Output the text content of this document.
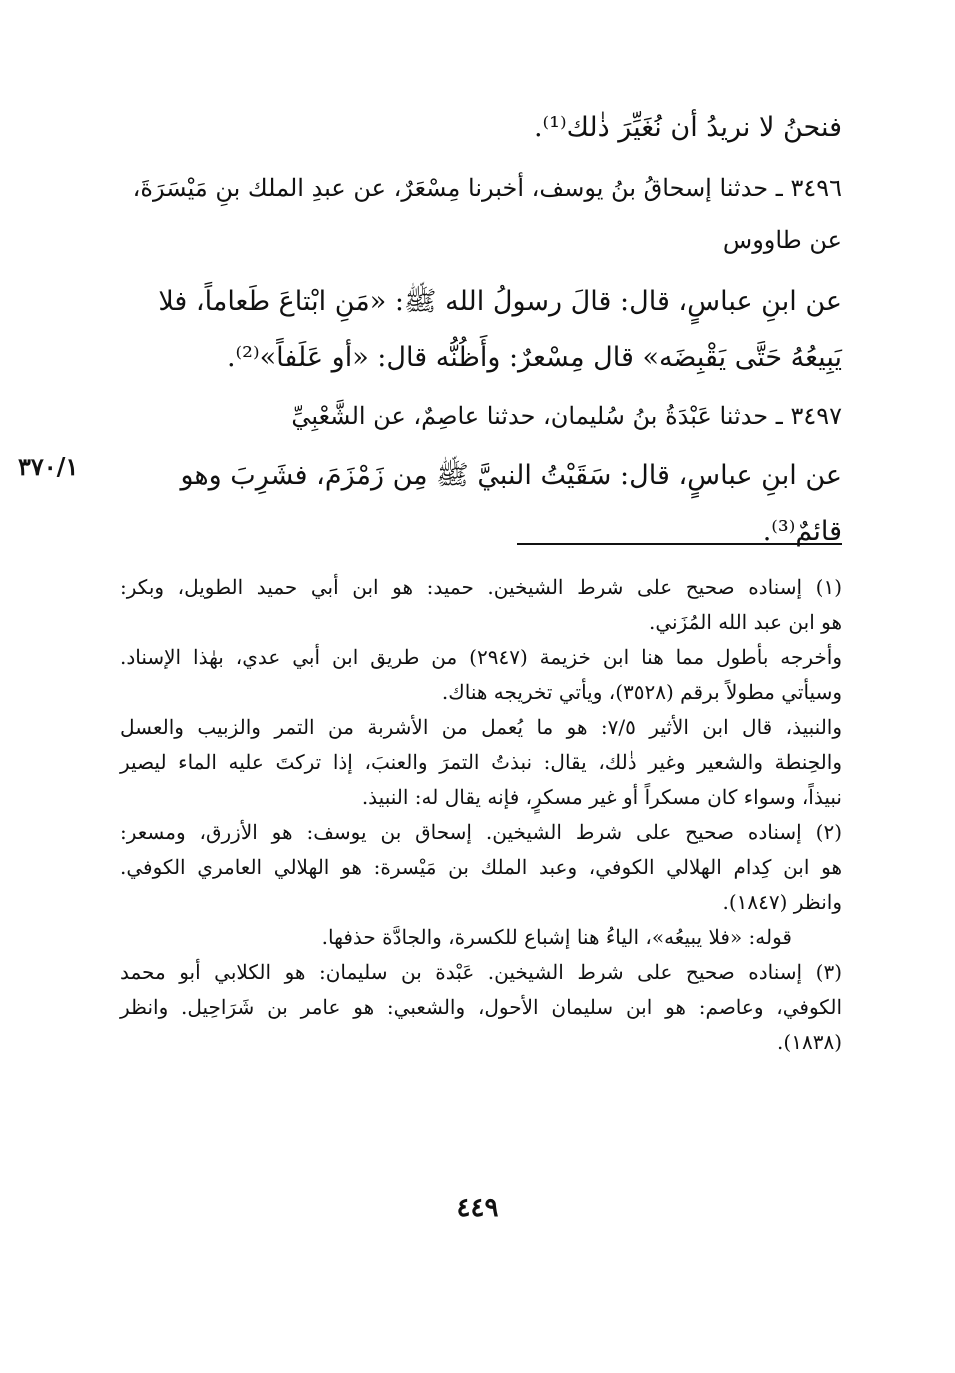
فنحنُ لا نريدُ أن نُغَيِّرَ ذٰلك⁽¹⁾.

٣٤٩٦ ـ حدثنا إسحاقُ بنُ يوسف، أخبرنا مِسْعَرٌ، عن عبدِ الملك بنِ مَيْسَرَةَ،

عن طاووس

عن ابنِ عباسٍ، قال: قالَ رسولُ الله ﷺ: «مَنِ ابْتاعَ طَعاماً، فلا

يَبِيعُهُ حَتَّى يَقْبِضَه» قال مِسْعرٌ: وأَظُنُّه قال: «أو عَلَفاً»⁽²⁾.

٣٤٩٧ ـ حدثنا عَبْدَةُ بنُ سُليمان، حدثنا عاصِمٌ، عن الشَّعْبِيِّ

عن ابنِ عباسٍ، قال: سَقَيْتُ النبيَّ ﷺ مِن زَمْزَمَ، فشَرِبَ وهو

قائمٌ⁽³⁾.

٣٧٠/١

(١) إسناده صحيح على شرط الشيخين. حميد: هو ابن أبي حميد الطويل، وبكر:

هو ابن عبد الله المُزَني.

وأخرجه بأطول مما هنا ابن خزيمة (٢٩٤٧) من طريق ابن أبي عدي، بهٰذا الإسناد.

وسيأتي مطولاً برقم (٣٥٢٨)، ويأتي تخريجه هناك.

والنبيذ، قال ابن الأثير ٧/٥: هو ما يُعمل من الأشربة من التمر والزبيب والعسل

والحِنطة والشعير وغير ذٰلك، يقال: نبذتُ التمرَ والعنبَ، إذا تركتَ عليه الماء ليصير

نبيذاً، وسواء كان مسكراً أو غير مسكرٍ، فإنه يقال له: النبيذ.

(٢) إسناده صحيح على شرط الشيخين. إسحاق بن يوسف: هو الأزرق، ومسعر:

هو ابن كِدام الهلالي الكوفي، وعبد الملك بن مَيْسرة: هو الهلالي العامري الكوفي.

وانظر (١٨٤٧).

قوله: «فلا يبيعُه»، الياءُ هنا إشباع للكسرة، والجادَّة حذفها.

(٣) إسناده صحيح على شرط الشيخين. عَبْدة بن سليمان: هو الكلابي أبو محمد

الكوفي، وعاصم: هو ابن سليمان الأحول، والشعبي: هو عامر بن شَرَاحِيل. وانظر

(١٨٣٨).

٤٤٩
